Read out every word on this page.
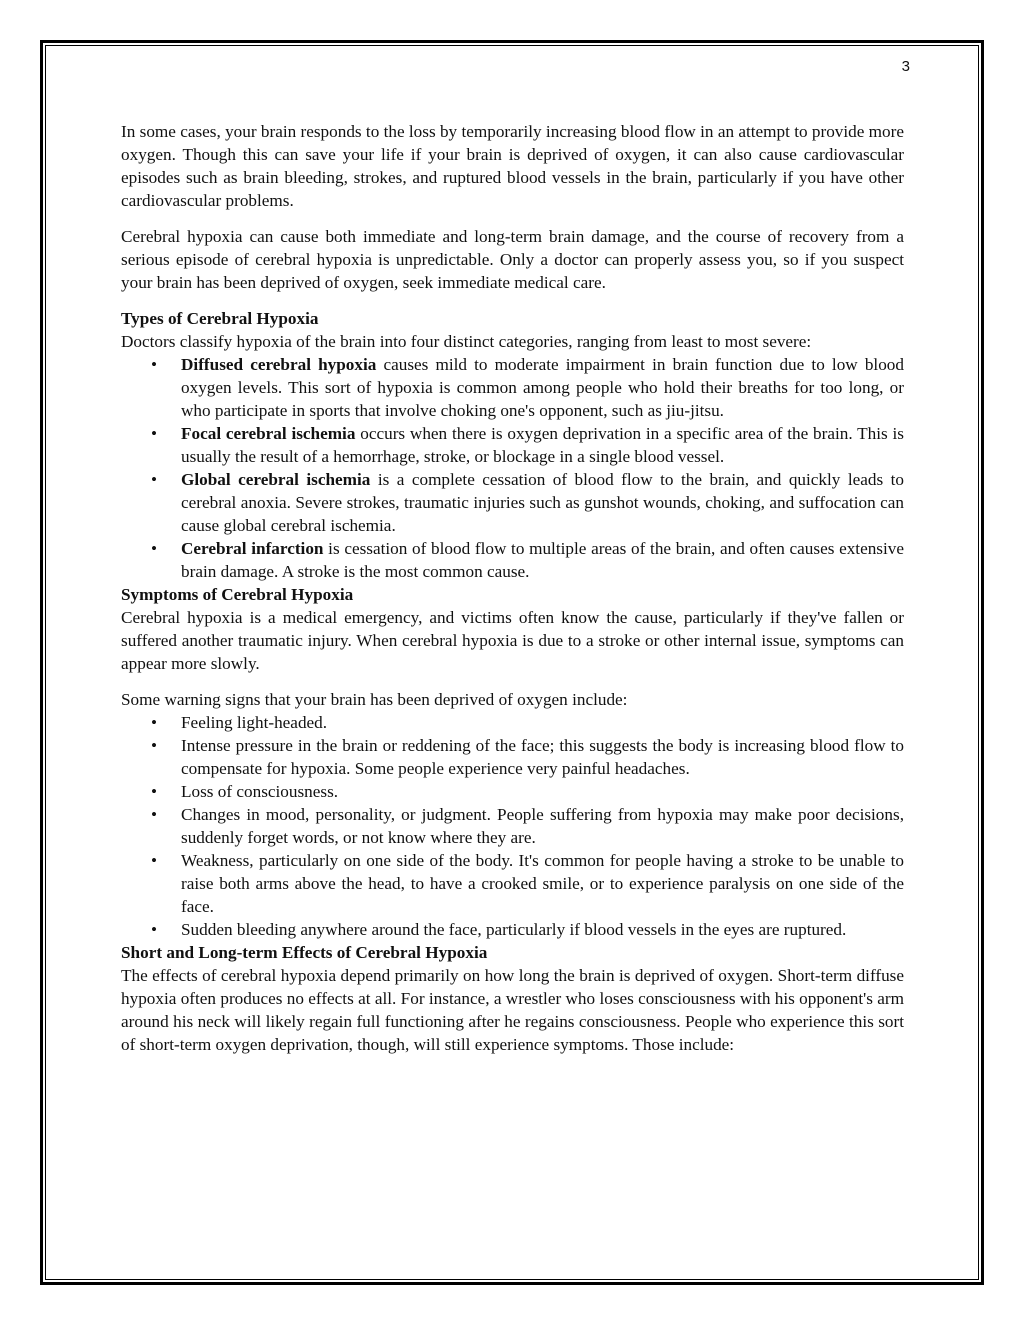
3

In some cases, your brain responds to the loss by temporarily increasing blood flow in an attempt to provide more oxygen. Though this can save your life if your brain is deprived of oxygen, it can also cause cardiovascular episodes such as brain bleeding, strokes, and ruptured blood vessels in the brain, particularly if you have other cardiovascular problems.

Cerebral hypoxia can cause both immediate and long-term brain damage, and the course of recovery from a serious episode of cerebral hypoxia is unpredictable. Only a doctor can properly assess you, so if you suspect your brain has been deprived of oxygen, seek immediate medical care.

Types of Cerebral Hypoxia

Doctors classify hypoxia of the brain into four distinct categories, ranging from least to most severe:

• Diffused cerebral hypoxia causes mild to moderate impairment in brain function due to low blood oxygen levels. This sort of hypoxia is common among people who hold their breaths for too long, or who participate in sports that involve choking one's opponent, such as jiu-jitsu.
• Focal cerebral ischemia occurs when there is oxygen deprivation in a specific area of the brain. This is usually the result of a hemorrhage, stroke, or blockage in a single blood vessel.
• Global cerebral ischemia is a complete cessation of blood flow to the brain, and quickly leads to cerebral anoxia. Severe strokes, traumatic injuries such as gunshot wounds, choking, and suffocation can cause global cerebral ischemia.
• Cerebral infarction is cessation of blood flow to multiple areas of the brain, and often causes extensive brain damage. A stroke is the most common cause.

Symptoms of Cerebral Hypoxia

Cerebral hypoxia is a medical emergency, and victims often know the cause, particularly if they've fallen or suffered another traumatic injury. When cerebral hypoxia is due to a stroke or other internal issue, symptoms can appear more slowly.

Some warning signs that your brain has been deprived of oxygen include:

• Feeling light-headed.
• Intense pressure in the brain or reddening of the face; this suggests the body is increasing blood flow to compensate for hypoxia. Some people experience very painful headaches.
• Loss of consciousness.
• Changes in mood, personality, or judgment. People suffering from hypoxia may make poor decisions, suddenly forget words, or not know where they are.
• Weakness, particularly on one side of the body. It's common for people having a stroke to be unable to raise both arms above the head, to have a crooked smile, or to experience paralysis on one side of the face.
• Sudden bleeding anywhere around the face, particularly if blood vessels in the eyes are ruptured.

Short and Long-term Effects of Cerebral Hypoxia

The effects of cerebral hypoxia depend primarily on how long the brain is deprived of oxygen. Short-term diffuse hypoxia often produces no effects at all. For instance, a wrestler who loses consciousness with his opponent's arm around his neck will likely regain full functioning after he regains consciousness. People who experience this sort of short-term oxygen deprivation, though, will still experience symptoms. Those include:
